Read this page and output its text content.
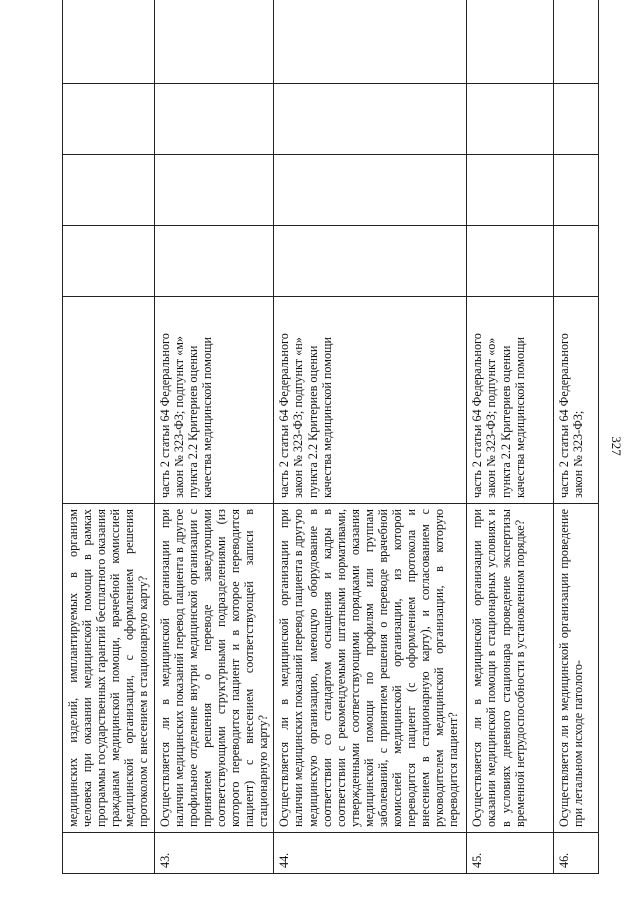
327
	медицинских изделий, имплантируемых в организм человека при оказании медицинской помощи в рамках программы государственных гарантий бесплатного оказания гражданам медицинской помощи, врачебной комиссией медицинской организации, с оформлением решения протоколом с внесением в стационарную карту?					
43.	Осуществляется ли в медицинской организации при наличии медицинских показаний перевод пациента в другое профильное отделение внутри медицинской организации с принятием решения о переводе заведующими соответствующими структурными подразделениями (из которого переводится пациент и в которое переводится пациент) с внесением соответствующей записи в стационарную карту?	часть 2 статьи 64 Федерального закон № 323-ФЗ; подпункт «м» пункта 2.2 Критериев оценки качества медицинской помощи				
44.	Осуществляется ли в медицинской организации при наличии медицинских показаний перевод пациента в другую медицинскую организацию, имеющую оборудование в соответствии со стандартом оснащения и кадры в соответствии с рекомендуемыми штатными нормативами, утвержденными соответствующими порядками оказания медицинской помощи по профилям или группам заболеваний, с принятием решения о переводе врачебной комиссией медицинской организации, из которой переводится пациент (с оформлением протокола и внесением в стационарную карту), и согласованием с руководителем медицинской организации, в которую переводится пациент?	часть 2 статьи 64 Федерального закон № 323-ФЗ; подпункт «н» пункта 2.2 Критериев оценки качества медицинской помощи				
45.	Осуществляется ли в медицинской организации при оказании медицинской помощи в стационарных условиях и в условиях дневного стационара проведение экспертизы временной нетрудоспособности в установленном порядке?	часть 2 статьи 64 Федерального закон № 323-ФЗ; подпункт «о» пункта 2.2 Критериев оценки качества медицинской помощи				
46.	Осуществляется ли в медицинской организации проведение при летальном исходе патолого-	часть 2 статьи 64 Федерального закон № 323-ФЗ;				
